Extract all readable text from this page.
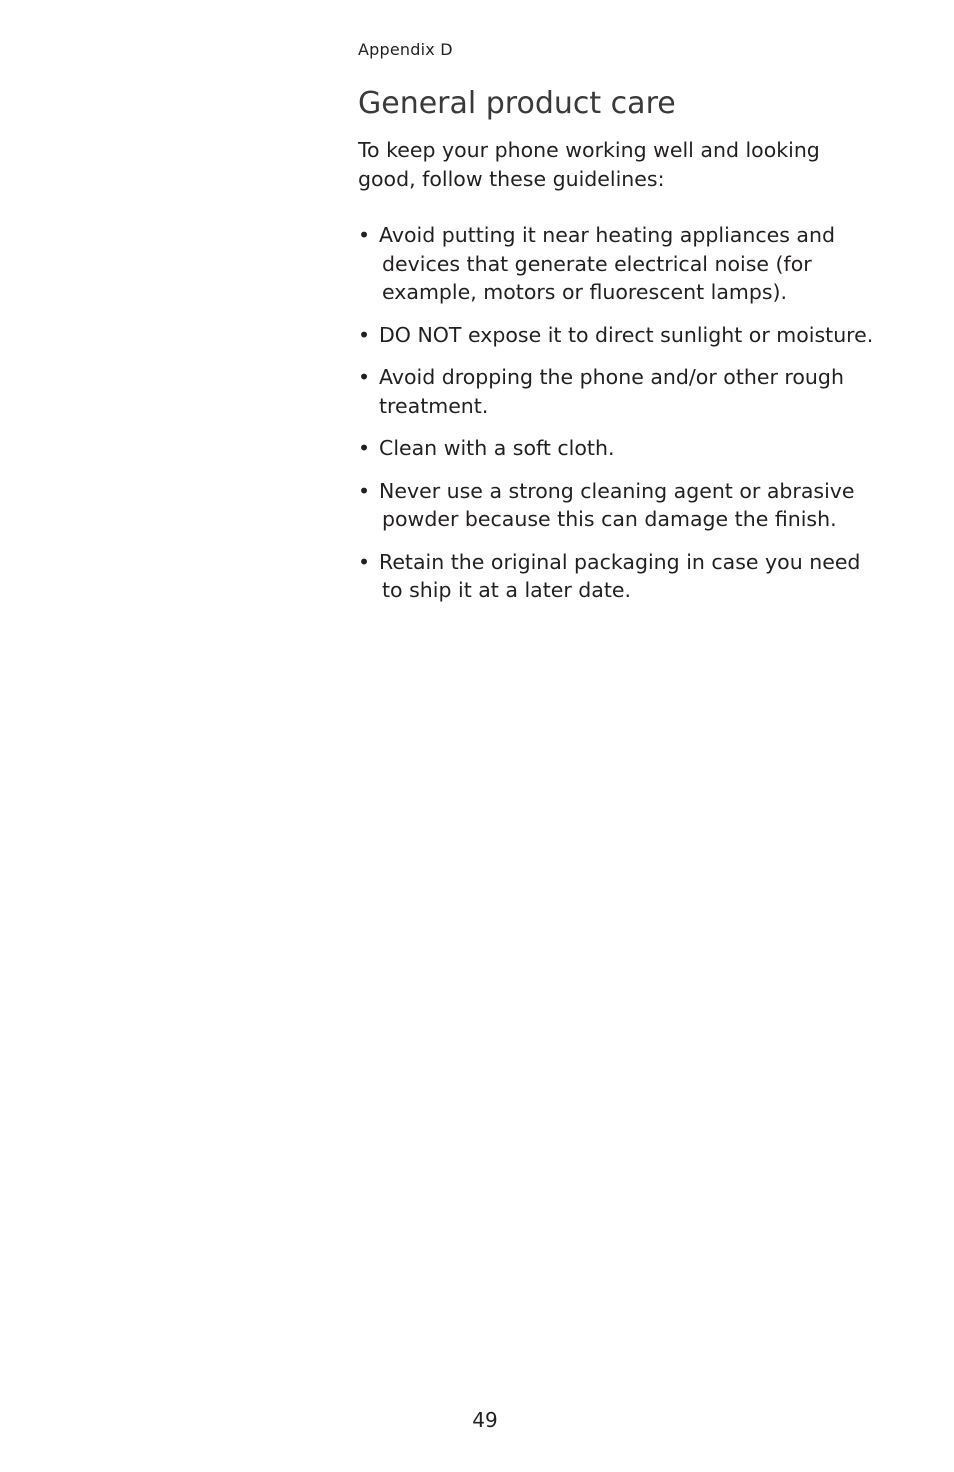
Appendix D
General product care

To keep your phone working well and looking good, follow these guidelines:

• Avoid putting it near heating appliances and
devices that generate electrical noise (for
example, motors or fluorescent lamps).
• DO NOT expose it to direct sunlight or moisture.
• Avoid dropping the phone and/or other rough
treatment.
• Clean with a soft cloth.
• Never use a strong cleaning agent or abrasive
powder because this can damage the finish.
• Retain the original packaging in case you need
to ship it at a later date.
49
